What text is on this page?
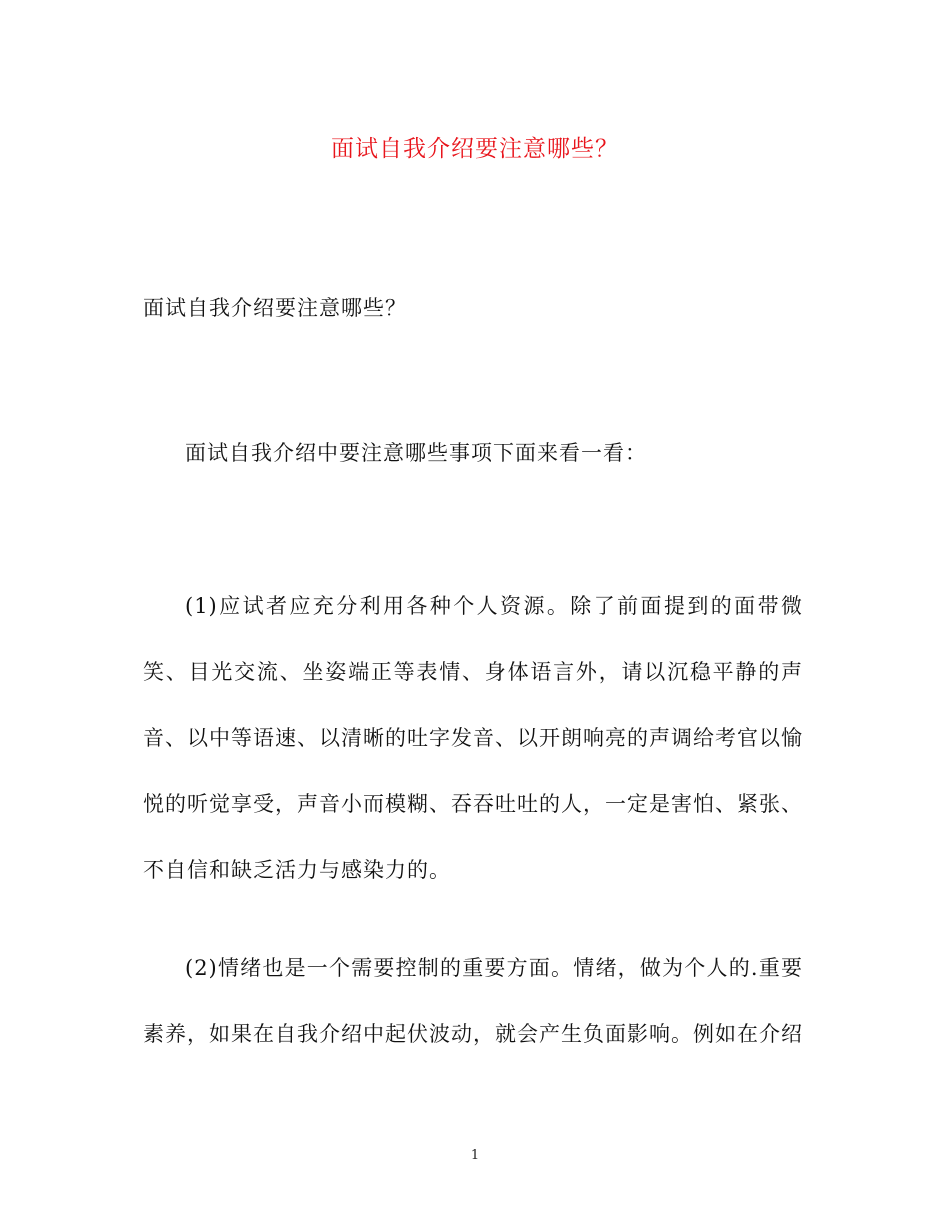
面试自我介绍要注意哪些？
面试自我介绍要注意哪些？
面试自我介绍中要注意哪些事项下面来看一看：

(1)应试者应充分利用各种个人资源。除了前面提到的面带微笑、目光交流、坐姿端正等表情、身体语言外，请以沉稳平静的声音、以中等语速、以清晰的吐字发音、以开朗响亮的声调给考官以愉悦的听觉享受，声音小而模糊、吞吞吐吐的人，一定是害怕、紧张、不自信和缺乏活力与感染力的。

(2)情绪也是一个需要控制的重要方面。情绪，做为个人的.重要素养，如果在自我介绍中起伏波动，就会产生负面影响。例如在介绍

1
